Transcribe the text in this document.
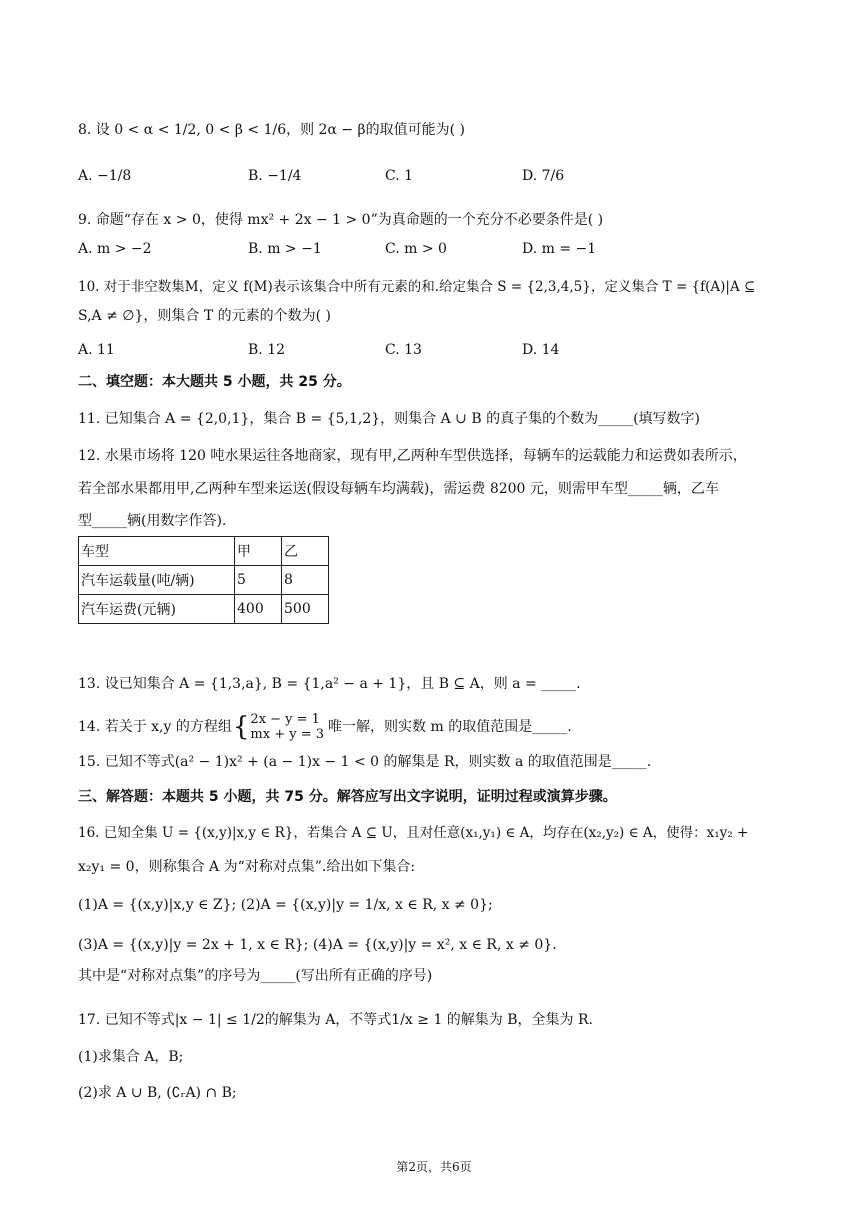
8. 设 0 < α < 1/2, 0 < β < 1/6，则 2α − β的取值可能为( )
A. −1/8	B. −1/4	C. 1	D. 7/6
9. 命题“存在 x > 0，使得 mx² + 2x − 1 > 0”为真命题的一个充分不必要条件是( )
A. m > −2	B. m > −1	C. m > 0	D. m = −1
10. 对于非空数集M，定义 f(M)表示该集合中所有元素的和.给定集合 S = {2,3,4,5}，定义集合 T = {f(A)|A ⊆
S,A ≠ ∅}，则集合 T 的元素的个数为( )
A. 11	B. 12	C. 13	D. 14
二、填空题：本大题共 5 小题，共 25 分。
11. 已知集合 A = {2,0,1}，集合 B = {5,1,2}，则集合 A ∪ B 的真子集的个数为_____(填写数字)
12. 水果市场将 120 吨水果运往各地商家，现有甲,乙两种车型供选择，每辆车的运载能力和运费如表所示，
若全部水果都用甲,乙两种车型来运送(假设每辆车均满载)，需运费 8200 元，则需甲车型_____辆，乙车
型_____辆(用数字作答).
车型	甲	乙
汽车运载量(吨/辆)	5	8
汽车运费(元辆)	400	500
13. 设已知集合 A = {1,3,a}, B = {1,a² − a + 1}，且 B ⊆ A，则 a = _____.
14. 若关于 x,y 的方程组{ 2x − y = 1
mx + y = 3 唯一解，则实数 m 的取值范围是_____.
15. 已知不等式(a² − 1)x² + (a − 1)x − 1 < 0 的解集是 R，则实数 a 的取值范围是_____.
三、解答题：本题共 5 小题，共 75 分。解答应写出文字说明，证明过程或演算步骤。
16. 已知全集 U = {(x,y)|x,y ∈ R}，若集合 A ⊆ U，且对任意(x₁,y₁) ∈ A，均存在(x₂,y₂) ∈ A，使得：x₁y₂ +
x₂y₁ = 0，则称集合 A 为“对称对点集”.给出如下集合:
(1)A = {(x,y)|x,y ∈ Z}; (2)A = {(x,y)|y = 1/x, x ∈ R, x ≠ 0};
(3)A = {(x,y)|y = 2x + 1, x ∈ R}; (4)A = {(x,y)|y = x², x ∈ R, x ≠ 0}.
其中是“对称对点集”的序号为_____(写出所有正确的序号)
17. 已知不等式|x − 1| ≤ 1/2的解集为 A，不等式1/x ≥ 1 的解集为 B，全集为 R.
(1)求集合 A，B;
(2)求 A ∪ B, (∁ᵣA) ∩ B;
第2页，共6页
